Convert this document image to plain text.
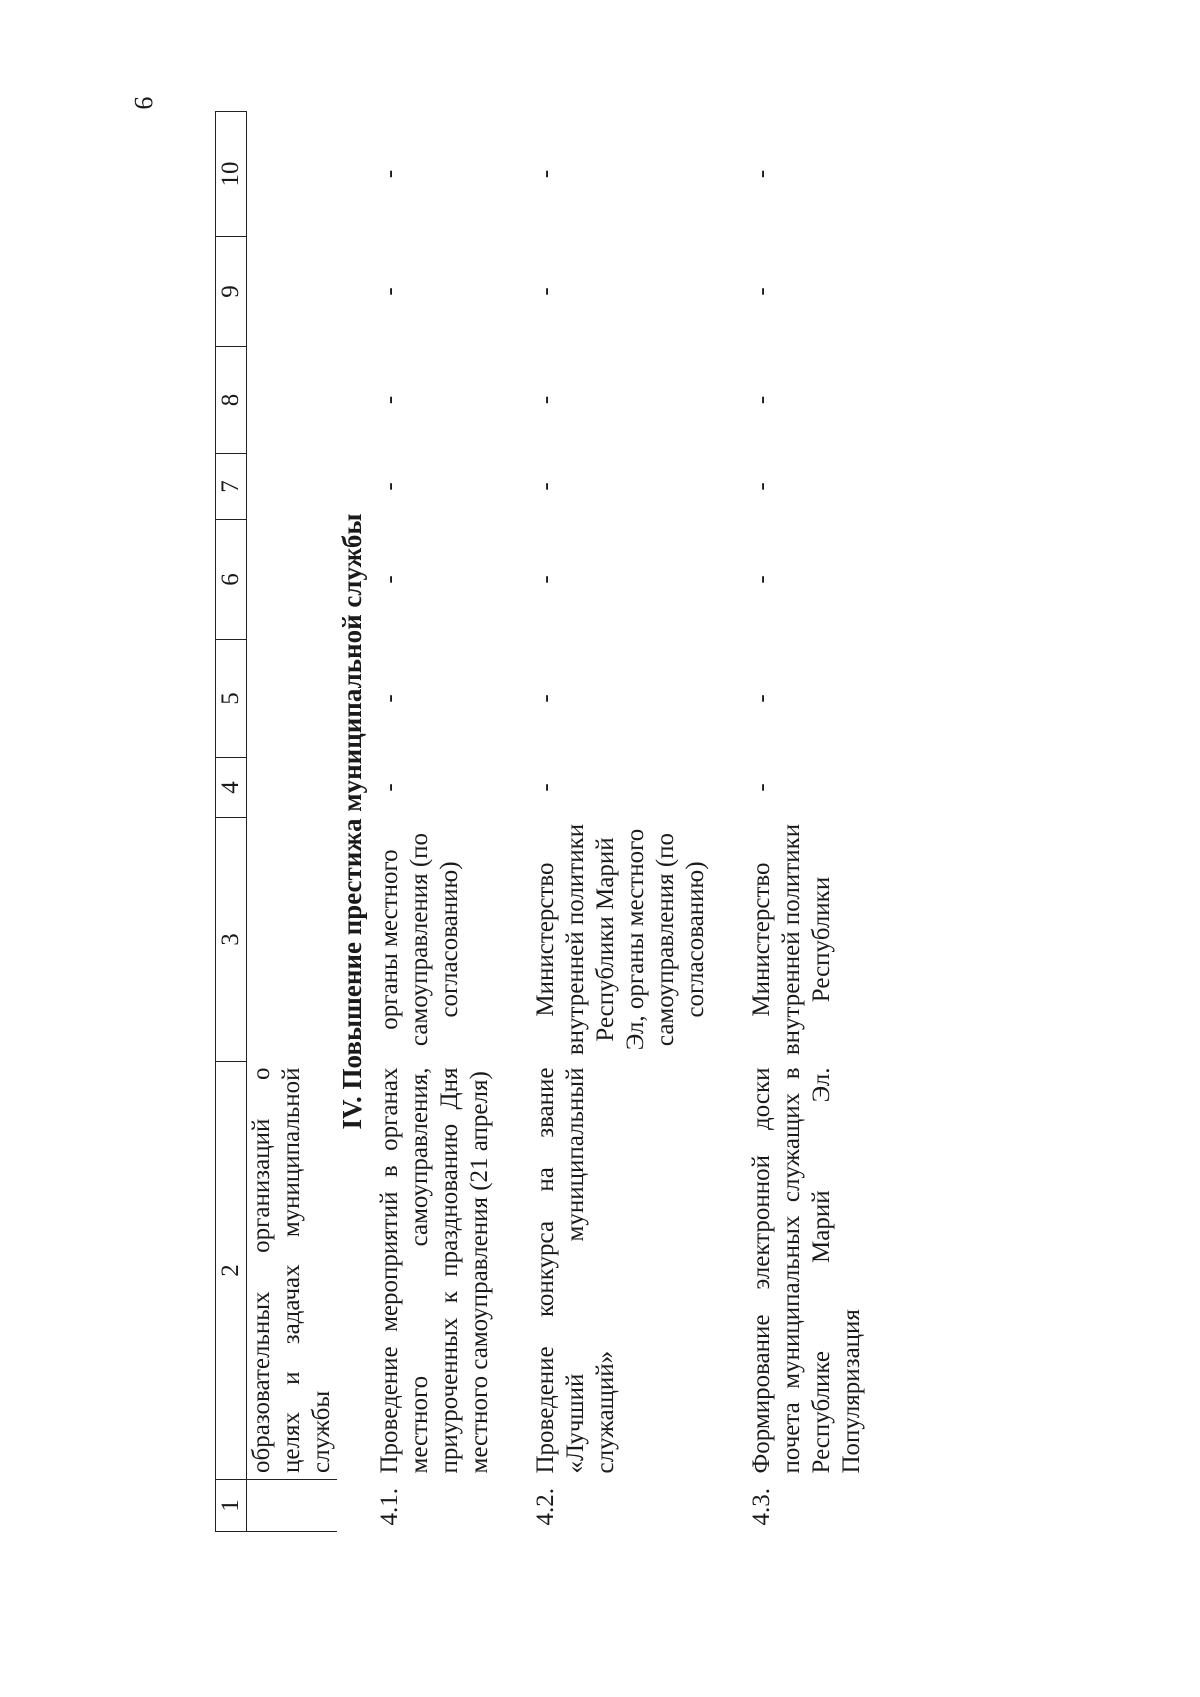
9
1	2	3	4	5	6	7	8	9	10
	образовательных организаций о целях и задачах муниципальной службы								
IV. Повышение престижа муниципальной службы									
4.1.	Проведение мероприятий в органах местного самоуправления, приуроченных к празднованию Дня местного самоуправления (21 апреля)	органы местного самоуправления (по согласованию)	-	-	-	-	-	-	-
4.2.	Проведение конкурса на звание «Лучший муниципальный служащий»	Министерство внутренней политики Республики Марий Эл, органы местного самоуправления (по согласованию)	-	-	-	-	-	-	-
4.3.	Формирование электронной доски почета муниципальных служащих в Республике Марий Эл. Популяризация	Министерство внутренней политики Республики	-	-	-	-	-	-	-
